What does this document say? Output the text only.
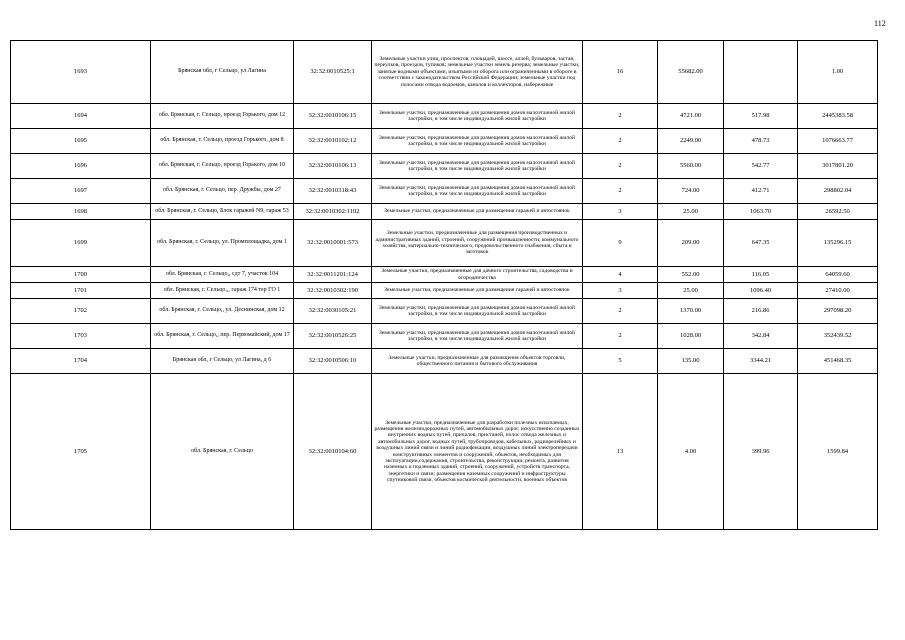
112
1693	Брянская обл, г Сельцо, ул Лагина	32:32:0010525:1	Земельные участки улиц, проспектов, площадей, шоссе, аллей, бульваров, застав, переулков, проездов, тупиков; земельные участки земель резерва; земельные участки, занятые водными объектами, изъятыми из оборота или ограниченными в обороте в соответствии с законодательством Российской Федерации; земельные участки под полосами отвода водоемов, каналов и коллекторов, набережные	16	55682.00		1.00
1694	обл. Брянская, г. Сельцо, проезд Горького, дом 12	32:32:0010106:15	Земельные участки, предназначенные для размещения домов малоэтажной жилой застройки, в том числе индивидуальной жилой застройки	2	4721.00	517.98	2445383.58
1695	обл. Брянская, г. Сельцо, проезд Горького, дом 8	32:32:0010102:12	Земельные участки, предназначенные для размещения домов малоэтажной жилой застройки, в том числе индивидуальной жилой застройки	2	2249.00	478.73	1076663.77
1696	обл. Брянская, г. Сельцо, проезд Горького, дом 10	32:32:0010106:13	Земельные участки, предназначенные для размещения домов малоэтажной жилой застройки, в том числе индивидуальной жилой застройки	2	5560.00	542.77	3017801.20
1697	обл. Брянская, г. Сельцо, пер. Дружбы, дом 27	32:32:0010318:43	Земельные участки, предназначенные для размещения домов малоэтажной жилой застройки, в том числе индивидуальной жилой застройки	2	724.00	412.71	298802.04
1698	обл. Брянская, г. Сельцо, Блок гаражей N9, гараж 53	32:32:0010302:1102	Земельные участки, предназначенные для размещения гаражей и автостоянок	3	25.00	1063.70	26592.50
1699	обл. Брянская, г. Сельцо, ул. Промплощадка, дом 1	32:32:0010001:573	Земельные участки, предназначенные для размещения производственных и административных зданий, строений, сооружений промышленности, коммунального хозяйства, материально-технического, продовольственного снабжения, сбыта и заготовок	9	209.00	647.35	135296.15
1700	обл. Брянская, г. Сельцо,, сдт 7, участок 104	32:32:0011201:124	Земельные участки, предназначенные для дачного строительства, садоводства и огородничества	4	552.00	116.05	64059.60
1701	обл. Брянская, г. Сельцо,,, гараж 174 тер ГО 1	32:32:0010302:190	Земельные участки, предназначенные для размещения гаражей и автостоянок	3	25.00	1096.40	27410.00
1702	обл. Брянская, г. Сельцо,, ул. Деснинская, дом 12	32:32:0030105:21	Земельные участки, предназначенные для размещения домов малоэтажной жилой застройки, в том числе индивидуальной жилой застройки	2	1370.00	216.86	297098.20
1703	обл. Брянская, г. Сельцо,, пер. Первомайский, дом 17	32:32:0010526:25	Земельные участки, предназначенные для размещения домов малоэтажной жилой застройки, в том числе индивидуальной жилой застройки	2	1028.00	342.84	352439.52
1704	Брянская обл, г Сельцо, ул Лагина, д 6	32:32:0010506:10	Земельные участки, предназначенные для размещения объектов торговли, общественного питания и бытового обслуживания	5	135.00	3344.21	451468.35
1705	обл. Брянская, г. Сельцо	32:32:0010104:60	Земельные участки, предназначенные для разработки полезных ископаемых, размещения железнодорожных путей, автомобильных дорог, искусственно созданных внутренних водных путей, причалов, пристаней, полос отвода железных и автомобильных дорог, водных путей, трубопроводов, кабельных, радиорелейных и воздушных линий связи и линий радиофикации, воздушных линий электропередачи конструктивных элементов и сооружений, объектов, необходимых для эксплуатации,содержания, строительства, реконструкции, ремонта, развития наземных и подземных зданий, строений, сооружений, устройств транспорта, энергетики и связи; размещения наземных сооружений и инфраструктуры спутниковой связи, объектов космической деятельности, военных объектов	13	4.00	399.96	1599.84
